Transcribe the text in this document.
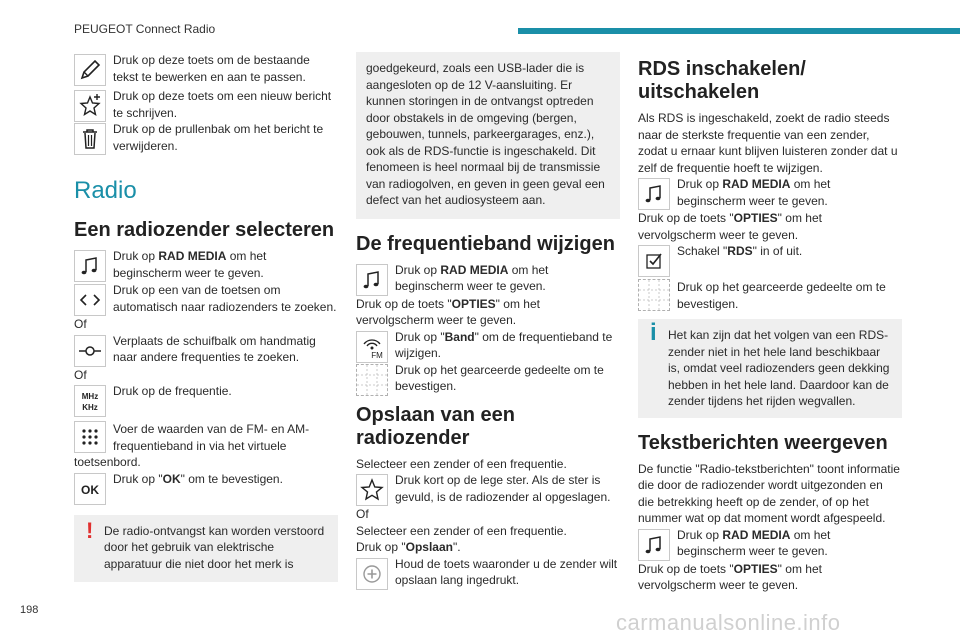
PEUGEOT Connect Radio
Druk op deze toets om de bestaande tekst te bewerken en aan te passen.
Druk op deze toets om een nieuw bericht te schrijven.
Druk op de prullenbak om het bericht te verwijderen.
Radio
Een radiozender selecteren
Druk op RAD MEDIA om het beginscherm weer te geven.
Druk op een van de toetsen om automatisch naar radiozenders te zoeken.
Of
Verplaats de schuifbalk om handmatig naar andere frequenties te zoeken.
Of
MHz
KHz
Druk op de frequentie.
Voer de waarden van de FM- en AM-frequentieband in via het virtuele
toetsenbord.
OK
Druk op "OK" om te bevestigen.
! De radio-ontvangst kan worden verstoord door het gebruik van elektrische apparatuur die niet door het merk is
goedgekeurd, zoals een USB-lader die is aangesloten op de 12 V-aansluiting. Er kunnen storingen in de ontvangst optreden door obstakels in de omgeving (bergen, gebouwen, tunnels, parkeergarages, enz.), ook als de RDS-functie is ingeschakeld. Dit fenomeen is heel normaal bij de transmissie van radiogolven, en geven in geen geval een defect van het audiosysteem aan.
De frequentieband wijzigen
Druk op RAD MEDIA om het beginscherm weer te geven.
Druk op de toets "OPTIES" om het vervolgscherm weer te geven.
FM
Druk op "Band" om de frequentieband te wijzigen.
Druk op het gearceerde gedeelte om te bevestigen.
Opslaan van een radiozender
Selecteer een zender of een frequentie.
Druk kort op de lege ster. Als de ster is gevuld, is de radiozender al opgeslagen.
Of
Selecteer een zender of een frequentie.
Druk op "Opslaan".
Houd de toets waaronder u de zender wilt opslaan lang ingedrukt.
RDS inschakelen/ uitschakelen
Als RDS is ingeschakeld, zoekt de radio steeds naar de sterkste frequentie van een zender, zodat u ernaar kunt blijven luisteren zonder dat u zelf de frequentie hoeft te wijzigen.
Druk op RAD MEDIA om het beginscherm weer te geven.
Druk op de toets "OPTIES" om het vervolgscherm weer te geven.
Schakel "RDS" in of uit.
Druk op het gearceerde gedeelte om te bevestigen.
i Het kan zijn dat het volgen van een RDS-zender niet in het hele land beschikbaar is, omdat veel radiozenders geen dekking hebben in het hele land. Daardoor kan de zender tijdens het rijden wegvallen.
Tekstberichten weergeven
De functie "Radio-tekstberichten" toont informatie die door de radiozender wordt uitgezonden en die betrekking heeft op de zender, of op het nummer wat op dat moment wordt afgespeeld.
Druk op RAD MEDIA om het beginscherm weer te geven.
Druk op de toets "OPTIES" om het vervolgscherm weer te geven.
198	carmanualsonline.info
